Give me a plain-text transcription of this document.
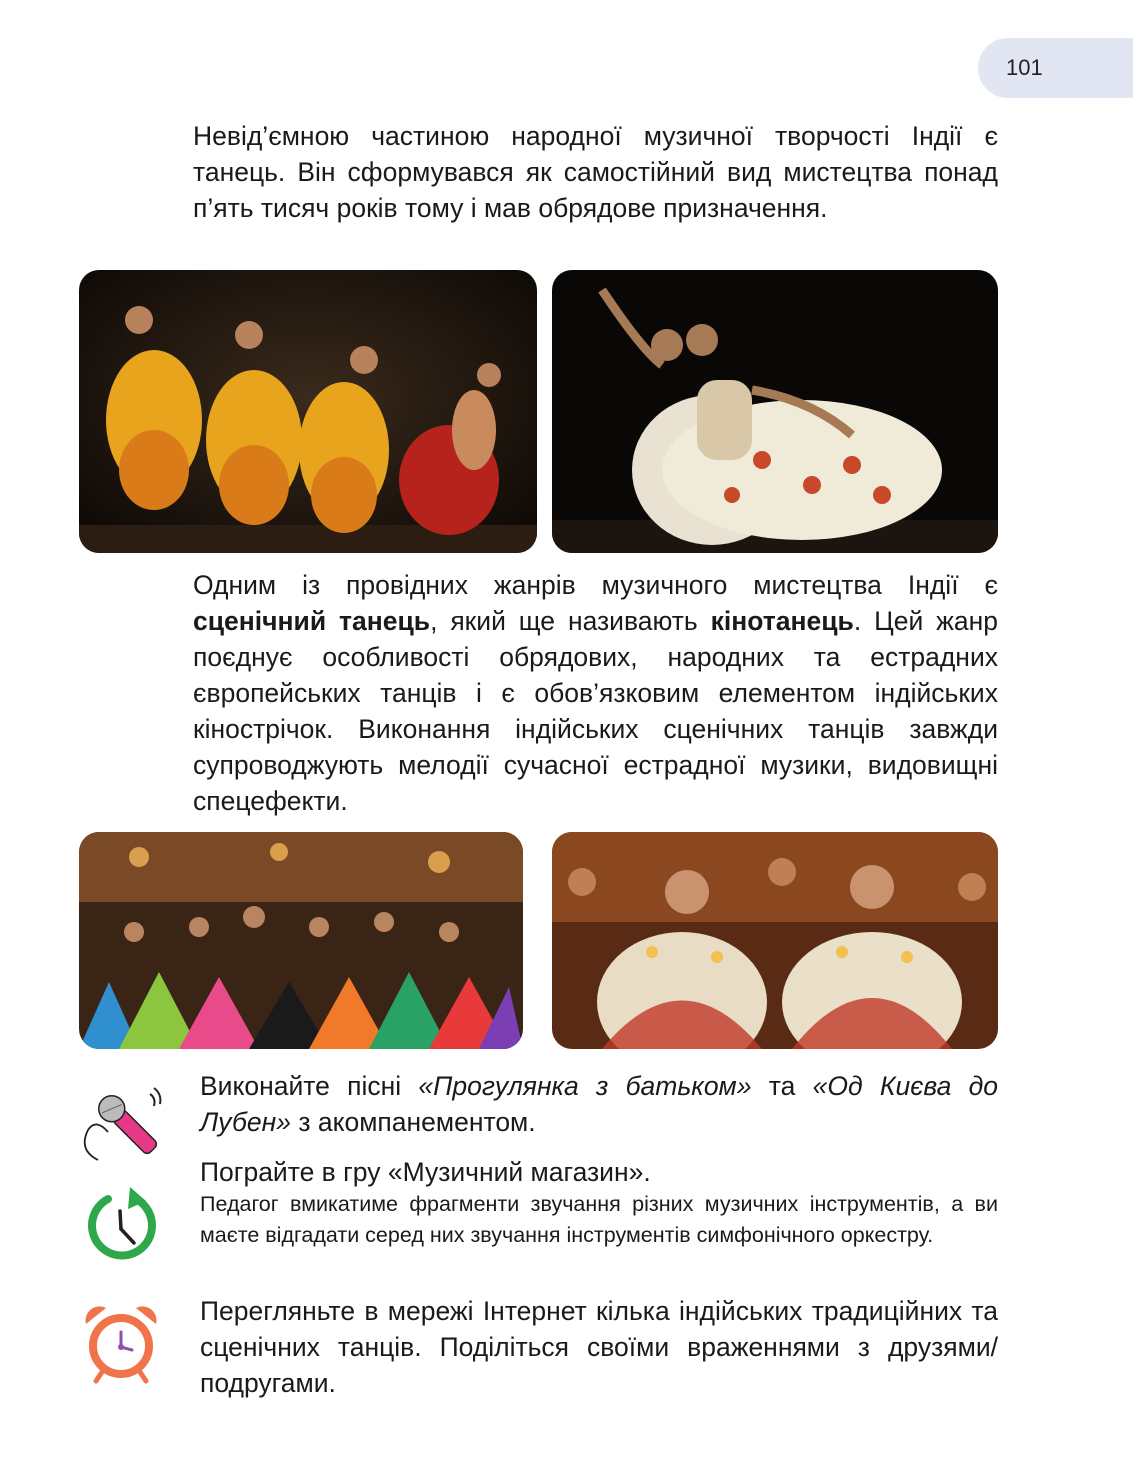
101

Невід’ємною частиною народної музичної творчості Індії є танець. Він сформувався як самостійний вид мистецтва понад п’ять тисяч років тому і мав обрядове призначення.

Одним із провідних жанрів музичного мистецтва Індії є сценічний танець, який ще називають кінотанець. Цей жанр поєднує особливості обрядових, народних та естрадних європейських танців і є обов’язковим елементом індійських кінострічок. Виконання індійських сценічних танців завжди супроводжують мелодії сучасної естрадної музики, видовищні спецефекти.

Виконайте пісні «Прогулянка з батьком» та «Од Києва до Лубен» з акомпанементом.

Пограйте в гру «Музичний магазин».

Педагог вмикатиме фрагменти звучання різних музичних інструментів, а ви маєте відгадати серед них звучання інструментів симфонічного оркестру.

Перегляньте в мережі Інтернет кілька індійських традиційних та сценічних танців. Поділіться своїми враженнями з друзями/подругами.
